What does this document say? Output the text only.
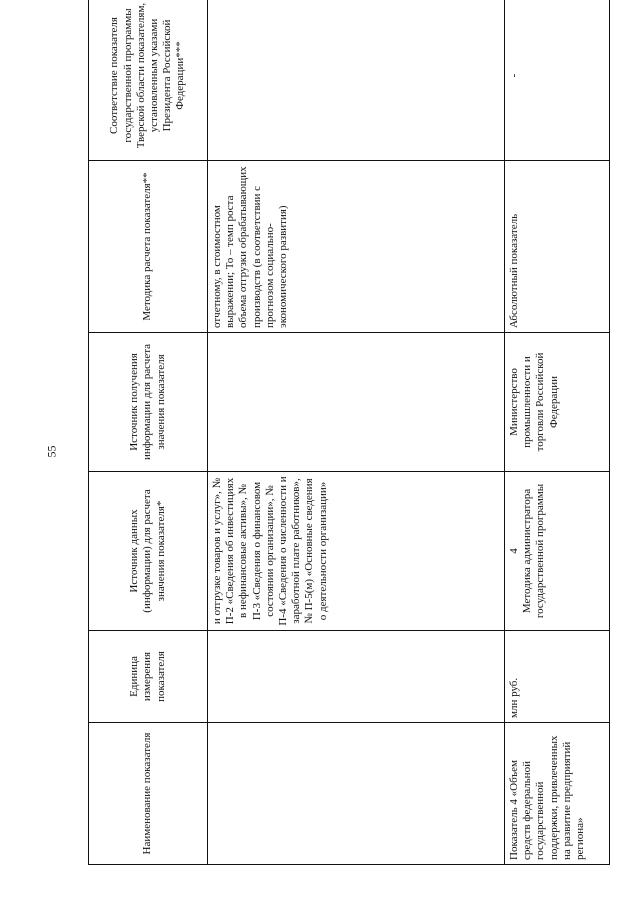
55
Наименование показателя	Единица измерения показателя	Источник данных (информации) для расчета значения показателя*	Источник получения информации для расчета значения показателя	Методика расчета показателя**	Соответствие показателя государственной программы Тверской области показателям, установленным указами Президента Российской Федерации***
		и отгрузке товаров и услуг», № П-2 «Сведения об инвестициях в нефинансовые активы», № П-3 «Сведения о финансовом состоянии организации», № П-4 «Сведения о численности и заработной плате работников», № П-5(м) «Основные сведения о деятельности организации»		отчетному, в стоимостном выражении; To – темп роста объема отгрузки обрабатывающих производств (в соответствии с прогнозом социально-экономического развития)	
Показатель 4 «Объем средств федеральной государственной поддержки, привлеченных на развитие предприятий региона»	млн руб.	4 Методика администратора государственной программы	Министерство промышленности и торговли Российской Федерации	Абсолютный показатель	-
